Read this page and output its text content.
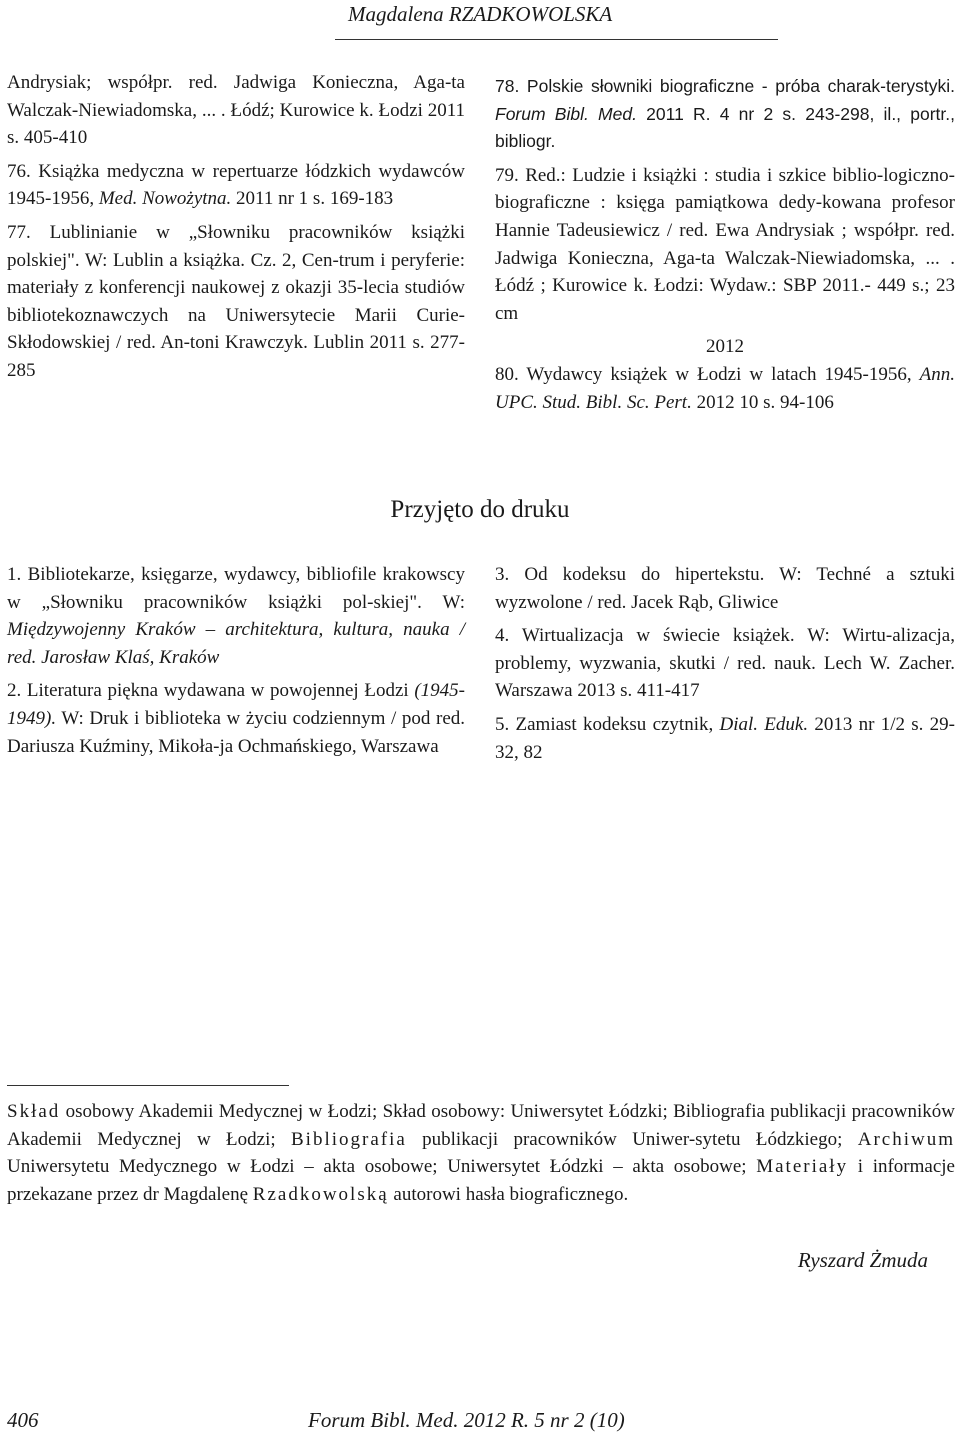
Magdalena RZADKOWOLSKA

Andrysiak; współpr. red. Jadwiga Konieczna, Aga-ta Walczak-Niewiadomska, ... . Łódź; Kurowice k. Łodzi 2011 s. 405-410

76. Książka medyczna w repertuarze łódzkich wydawców 1945-1956, Med. Nowożytna. 2011 nr 1 s. 169-183

77. Lublinianie w „Słowniku pracowników książki polskiej". W: Lublin a książka. Cz. 2, Cen-trum i peryferie: materiały z konferencji naukowej z okazji 35-lecia studiów bibliotekoznawczych na Uniwersytecie Marii Curie-Skłodowskiej / red. An-toni Krawczyk. Lublin 2011 s. 277-285

78. Polskie słowniki biograficzne - próba charak-terystyki. Forum Bibl. Med. 2011 R. 4 nr 2 s. 243-298, il., portr., bibliogr.

79. Red.: Ludzie i książki : studia i szkice biblio-logiczno-biograficzne : księga pamiątkowa dedy-kowana profesor Hannie Tadeusiewicz / red. Ewa Andrysiak ; współpr. red. Jadwiga Konieczna, Aga-ta Walczak-Niewiadomska, ... . Łódź ; Kurowice k. Łodzi: Wydaw.: SBP 2011.- 449 s.; 23 cm

2012

80. Wydawcy książek w Łodzi w latach 1945-1956, Ann. UPC. Stud. Bibl. Sc. Pert. 2012 10 s. 94-106

Przyjęto do druku

1. Bibliotekarze, księgarze, wydawcy, bibliofile krakowscy w „Słowniku pracowników książki pol-skiej". W: Międzywojenny Kraków – architektura, kultura, nauka / red. Jarosław Klaś, Kraków

2. Literatura piękna wydawana w powojennej Łodzi (1945-1949). W: Druk i biblioteka w życiu codziennym / pod red. Dariusza Kuźminy, Mikoła-ja Ochmańskiego, Warszawa

3. Od kodeksu do hipertekstu. W: Techné a sztuki wyzwolone / red. Jacek Rąb, Gliwice

4. Wirtualizacja w świecie książek. W: Wirtu-alizacja, problemy, wyzwania, skutki / red. nauk. Lech W. Zacher. Warszawa 2013 s. 411-417

5. Zamiast kodeksu czytnik, Dial. Eduk. 2013 nr 1/2 s. 29-32, 82

Skład osobowy Akademii Medycznej w Łodzi; Skład osobowy: Uniwersytet Łódzki; Bibliografia publikacji pracowników Akademii Medycznej w Łodzi; Bibliografia publikacji pracowników Uniwer-sytetu Łódzkiego; Archiwum Uniwersytetu Medycznego w Łodzi – akta osobowe; Uniwersytet Łódzki – akta osobowe; Materiały i informacje przekazane przez dr Magdalenę Rzadkowolską autorowi hasła biograficznego.
Ryszard Żmuda
406	Forum Bibl. Med. 2012 R. 5 nr 2 (10)
